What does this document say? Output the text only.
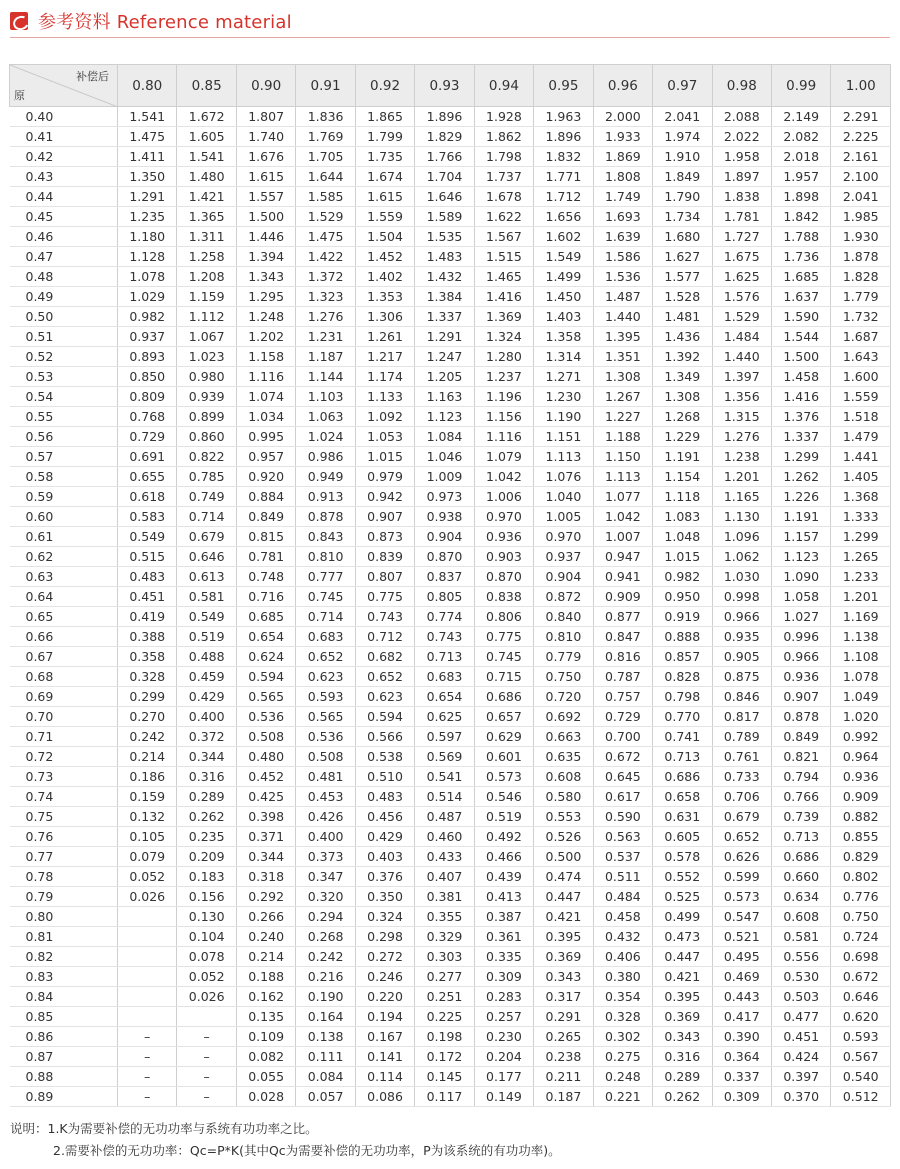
参考资料 Reference material
补偿后
原	0.80	0.85	0.90	0.91	0.92	0.93	0.94	0.95	0.96	0.97	0.98	0.99	1.00
0.40	1.541	1.672	1.807	1.836	1.865	1.896	1.928	1.963	2.000	2.041	2.088	2.149	2.291
0.41	1.475	1.605	1.740	1.769	1.799	1.829	1.862	1.896	1.933	1.974	2.022	2.082	2.225
0.42	1.411	1.541	1.676	1.705	1.735	1.766	1.798	1.832	1.869	1.910	1.958	2.018	2.161
0.43	1.350	1.480	1.615	1.644	1.674	1.704	1.737	1.771	1.808	1.849	1.897	1.957	2.100
0.44	1.291	1.421	1.557	1.585	1.615	1.646	1.678	1.712	1.749	1.790	1.838	1.898	2.041
0.45	1.235	1.365	1.500	1.529	1.559	1.589	1.622	1.656	1.693	1.734	1.781	1.842	1.985
0.46	1.180	1.311	1.446	1.475	1.504	1.535	1.567	1.602	1.639	1.680	1.727	1.788	1.930
0.47	1.128	1.258	1.394	1.422	1.452	1.483	1.515	1.549	1.586	1.627	1.675	1.736	1.878
0.48	1.078	1.208	1.343	1.372	1.402	1.432	1.465	1.499	1.536	1.577	1.625	1.685	1.828
0.49	1.029	1.159	1.295	1.323	1.353	1.384	1.416	1.450	1.487	1.528	1.576	1.637	1.779
0.50	0.982	1.112	1.248	1.276	1.306	1.337	1.369	1.403	1.440	1.481	1.529	1.590	1.732
0.51	0.937	1.067	1.202	1.231	1.261	1.291	1.324	1.358	1.395	1.436	1.484	1.544	1.687
0.52	0.893	1.023	1.158	1.187	1.217	1.247	1.280	1.314	1.351	1.392	1.440	1.500	1.643
0.53	0.850	0.980	1.116	1.144	1.174	1.205	1.237	1.271	1.308	1.349	1.397	1.458	1.600
0.54	0.809	0.939	1.074	1.103	1.133	1.163	1.196	1.230	1.267	1.308	1.356	1.416	1.559
0.55	0.768	0.899	1.034	1.063	1.092	1.123	1.156	1.190	1.227	1.268	1.315	1.376	1.518
0.56	0.729	0.860	0.995	1.024	1.053	1.084	1.116	1.151	1.188	1.229	1.276	1.337	1.479
0.57	0.691	0.822	0.957	0.986	1.015	1.046	1.079	1.113	1.150	1.191	1.238	1.299	1.441
0.58	0.655	0.785	0.920	0.949	0.979	1.009	1.042	1.076	1.113	1.154	1.201	1.262	1.405
0.59	0.618	0.749	0.884	0.913	0.942	0.973	1.006	1.040	1.077	1.118	1.165	1.226	1.368
0.60	0.583	0.714	0.849	0.878	0.907	0.938	0.970	1.005	1.042	1.083	1.130	1.191	1.333
0.61	0.549	0.679	0.815	0.843	0.873	0.904	0.936	0.970	1.007	1.048	1.096	1.157	1.299
0.62	0.515	0.646	0.781	0.810	0.839	0.870	0.903	0.937	0.947	1.015	1.062	1.123	1.265
0.63	0.483	0.613	0.748	0.777	0.807	0.837	0.870	0.904	0.941	0.982	1.030	1.090	1.233
0.64	0.451	0.581	0.716	0.745	0.775	0.805	0.838	0.872	0.909	0.950	0.998	1.058	1.201
0.65	0.419	0.549	0.685	0.714	0.743	0.774	0.806	0.840	0.877	0.919	0.966	1.027	1.169
0.66	0.388	0.519	0.654	0.683	0.712	0.743	0.775	0.810	0.847	0.888	0.935	0.996	1.138
0.67	0.358	0.488	0.624	0.652	0.682	0.713	0.745	0.779	0.816	0.857	0.905	0.966	1.108
0.68	0.328	0.459	0.594	0.623	0.652	0.683	0.715	0.750	0.787	0.828	0.875	0.936	1.078
0.69	0.299	0.429	0.565	0.593	0.623	0.654	0.686	0.720	0.757	0.798	0.846	0.907	1.049
0.70	0.270	0.400	0.536	0.565	0.594	0.625	0.657	0.692	0.729	0.770	0.817	0.878	1.020
0.71	0.242	0.372	0.508	0.536	0.566	0.597	0.629	0.663	0.700	0.741	0.789	0.849	0.992
0.72	0.214	0.344	0.480	0.508	0.538	0.569	0.601	0.635	0.672	0.713	0.761	0.821	0.964
0.73	0.186	0.316	0.452	0.481	0.510	0.541	0.573	0.608	0.645	0.686	0.733	0.794	0.936
0.74	0.159	0.289	0.425	0.453	0.483	0.514	0.546	0.580	0.617	0.658	0.706	0.766	0.909
0.75	0.132	0.262	0.398	0.426	0.456	0.487	0.519	0.553	0.590	0.631	0.679	0.739	0.882
0.76	0.105	0.235	0.371	0.400	0.429	0.460	0.492	0.526	0.563	0.605	0.652	0.713	0.855
0.77	0.079	0.209	0.344	0.373	0.403	0.433	0.466	0.500	0.537	0.578	0.626	0.686	0.829
0.78	0.052	0.183	0.318	0.347	0.376	0.407	0.439	0.474	0.511	0.552	0.599	0.660	0.802
0.79	0.026	0.156	0.292	0.320	0.350	0.381	0.413	0.447	0.484	0.525	0.573	0.634	0.776
0.80		0.130	0.266	0.294	0.324	0.355	0.387	0.421	0.458	0.499	0.547	0.608	0.750
0.81		0.104	0.240	0.268	0.298	0.329	0.361	0.395	0.432	0.473	0.521	0.581	0.724
0.82		0.078	0.214	0.242	0.272	0.303	0.335	0.369	0.406	0.447	0.495	0.556	0.698
0.83		0.052	0.188	0.216	0.246	0.277	0.309	0.343	0.380	0.421	0.469	0.530	0.672
0.84		0.026	0.162	0.190	0.220	0.251	0.283	0.317	0.354	0.395	0.443	0.503	0.646
0.85			0.135	0.164	0.194	0.225	0.257	0.291	0.328	0.369	0.417	0.477	0.620
0.86	–	–	0.109	0.138	0.167	0.198	0.230	0.265	0.302	0.343	0.390	0.451	0.593
0.87	–	–	0.082	0.111	0.141	0.172	0.204	0.238	0.275	0.316	0.364	0.424	0.567
0.88	–	–	0.055	0.084	0.114	0.145	0.177	0.211	0.248	0.289	0.337	0.397	0.540
0.89	–	–	0.028	0.057	0.086	0.117	0.149	0.187	0.221	0.262	0.309	0.370	0.512
说明：1.K为需要补偿的无功功率与系统有功功率之比。
2.需要补偿的无功功率：Qc=P*K(其中Qc为需要补偿的无功功率，P为该系统的有功功率)。
